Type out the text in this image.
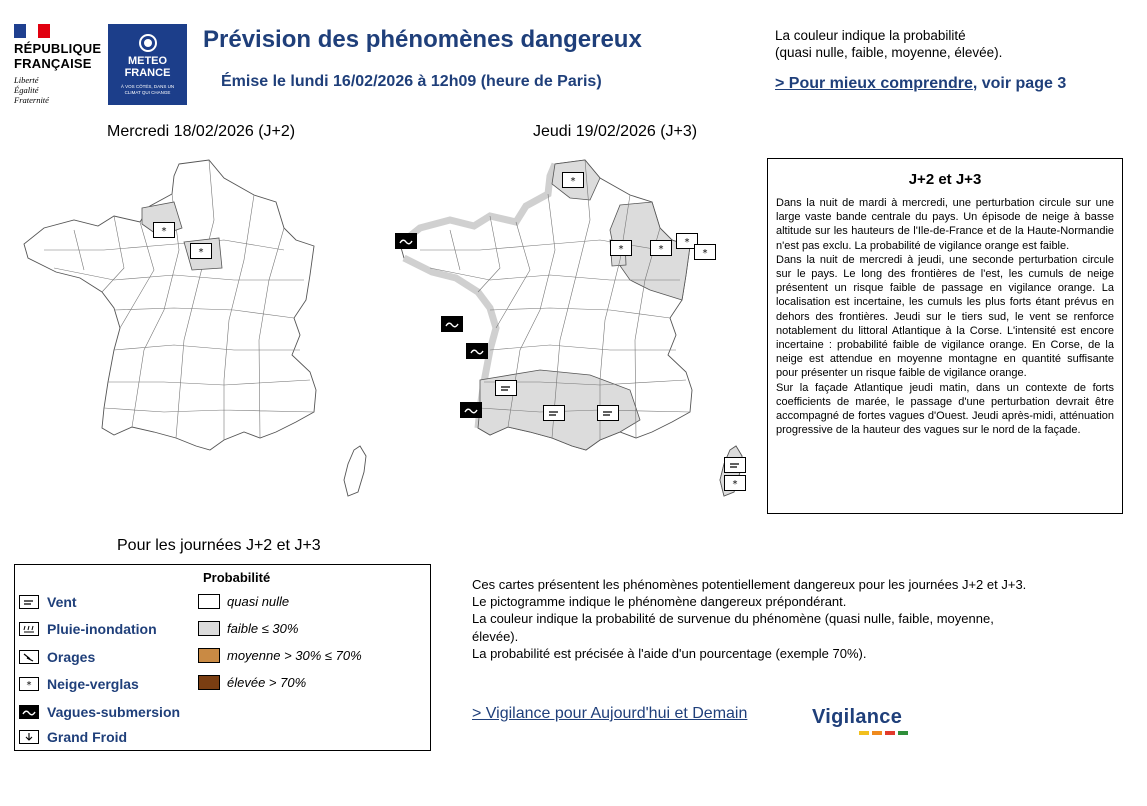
RÉPUBLIQUE
FRANÇAISE
Liberté
Égalité
Fraternité
METEO
FRANCE
À VOS CÔTÉS, DANS UN CLIMAT QUI CHANGE
Prévision des phénomènes dangereux
Émise le lundi 16/02/2026 à 12h09 (heure de Paris)
La couleur indique la probabilité
(quasi nulle, faible, moyenne, élevée).
> Pour mieux comprendre, voir page 3
Mercredi 18/02/2026 (J+2)	Jeudi 19/02/2026 (J+3)
*
*
*
*	*
*
*
*
J+2 et J+3

Dans la nuit de mardi à mercredi, une perturbation circule sur une large vaste bande centrale du pays. Un épisode de neige à basse altitude sur les hauteurs de l'Ile-de-France et de la Haute-Normandie n'est pas exclu. La probabilité de vigilance orange est faible.

Dans la nuit de mercredi à jeudi, une seconde perturbation circule sur le pays. Le long des frontières de l'est, les cumuls de neige présentent un risque faible de passage en vigilance orange. La localisation est incertaine, les cumuls les plus forts étant prévus en dehors des frontières. Jeudi sur le tiers sud, le vent se renforce notablement du littoral Atlantique à la Corse. L'intensité est encore incertaine : probabilité faible de vigilance orange. En Corse, de la neige est attendue en moyenne montagne en quantité suffisante pour présenter un risque faible de vigilance orange.

Sur la façade Atlantique jeudi matin, dans un contexte de forts coefficients de marée, le passage d'une perturbation devrait être accompagné de fortes vagues d'Ouest. Jeudi après-midi, atténuation progressive de la hauteur des vagues sur le nord de la façade.

Pour les journées J+2 et J+3
Probabilité
Vent
Pluie-inondation
Orages
* Neige-verglas
Vagues-submersion
Grand Froid
quasi nulle
faible ≤ 30%
moyenne > 30% ≤ 70%
élevée > 70%
Ces cartes présentent les phénomènes potentiellement dangereux pour les journées J+2 et J+3.
Le pictogramme indique le phénomène dangereux prépondérant.
La couleur indique la probabilité de survenue du phénomène (quasi nulle, faible, moyenne,
élevée).
La probabilité est précisée à l'aide d'un pourcentage (exemple 70%).
> Vigilance pour Aujourd'hui et Demain	Vigilance
